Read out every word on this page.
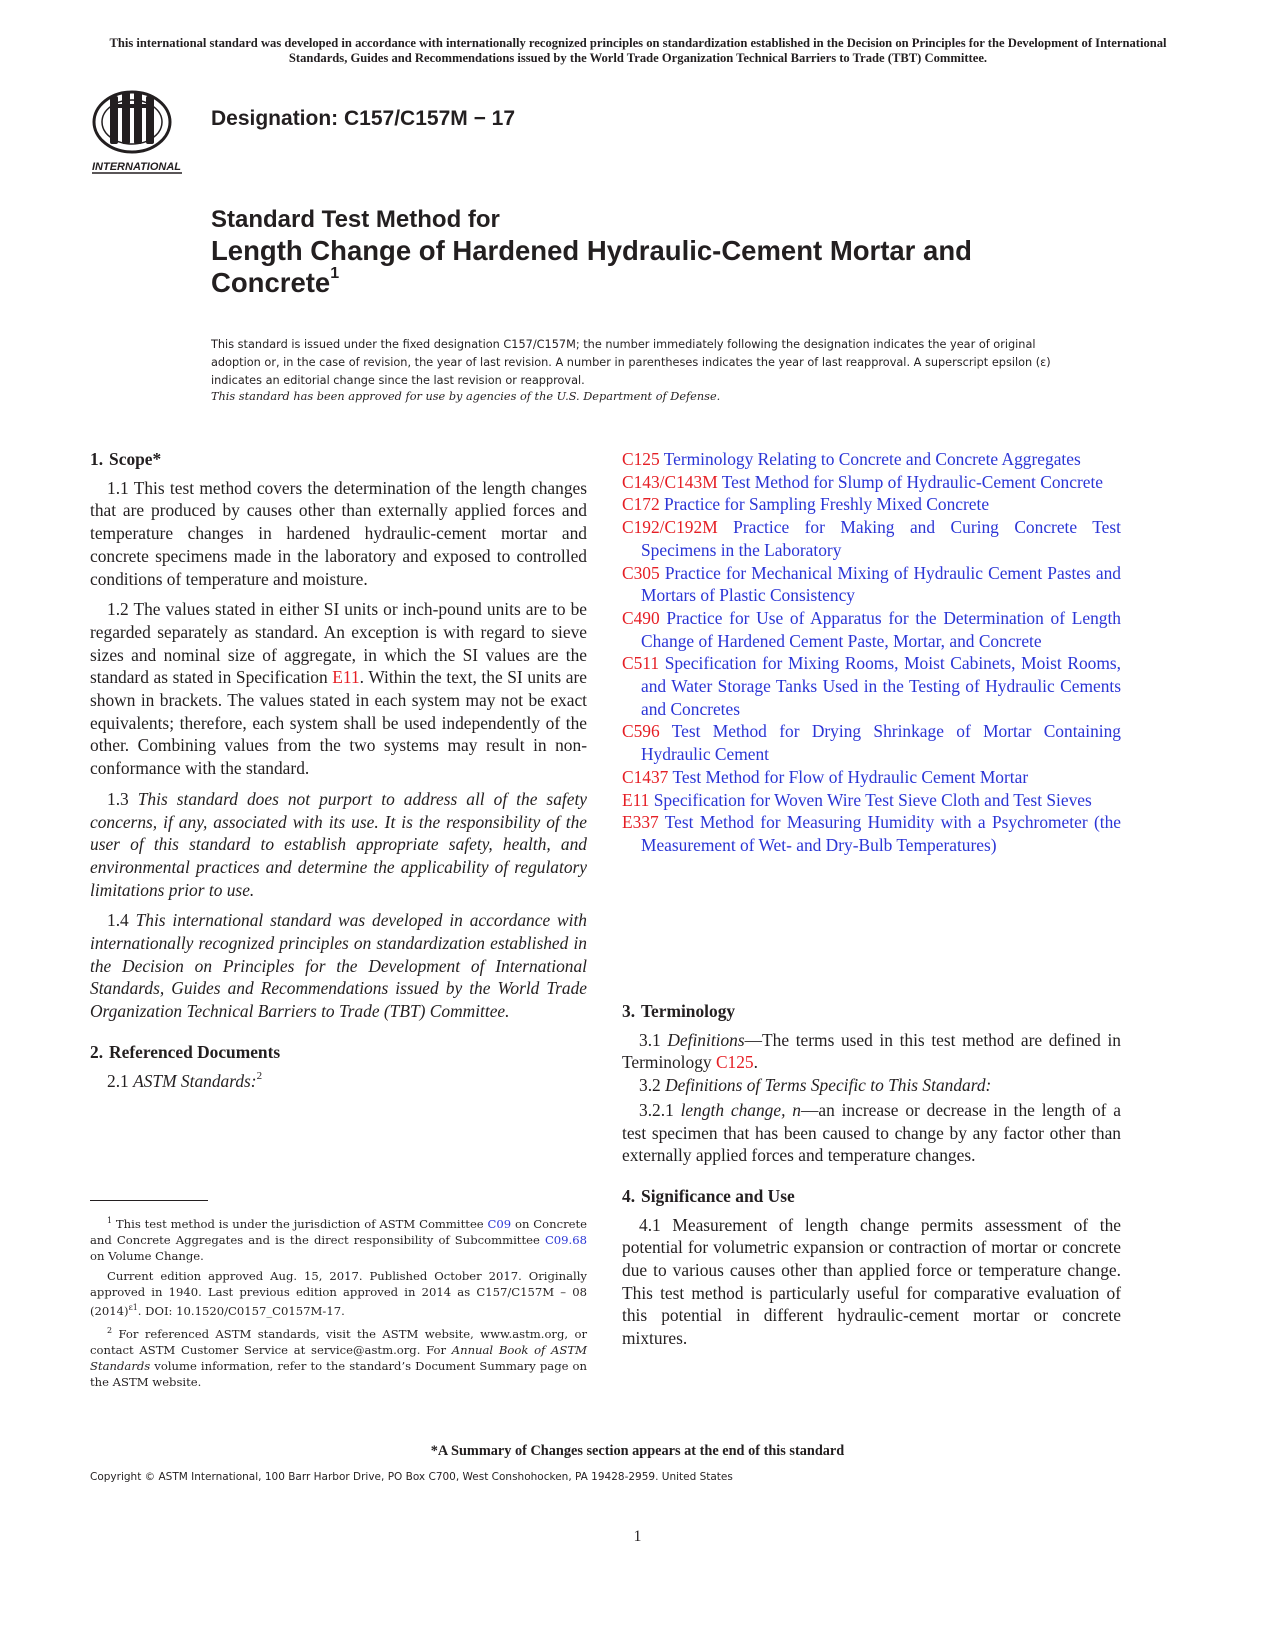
This international standard was developed in accordance with internationally recognized principles on standardization established in the Decision on Principles for the Development of International Standards, Guides and Recommendations issued by the World Trade Organization Technical Barriers to Trade (TBT) Committee.
INTERNATIONAL
Designation: C157/C157M − 17
Standard Test Method for
Length Change of Hardened Hydraulic-Cement Mortar and
Concrete$^1$
This standard is issued under the fixed designation C157/C157M; the number immediately following the designation indicates the year of original adoption or, in the case of revision, the year of last revision. A number in parentheses indicates the year of last reapproval. A superscript epsilon (ε) indicates an editorial change since the last revision or reapproval.
This standard has been approved for use by agencies of the U.S. Department of Defense.
1. Scope*

1.1 This test method covers the determination of the length changes that are produced by causes other than externally applied forces and temperature changes in hardened hydraulic-cement mortar and concrete specimens made in the laboratory and exposed to controlled conditions of temperature and moisture.

1.2 The values stated in either SI units or inch-pound units are to be regarded separately as standard. An exception is with regard to sieve sizes and nominal size of aggregate, in which the SI values are the standard as stated in Specification E11. Within the text, the SI units are shown in brackets. The values stated in each system may not be exact equivalents; therefore, each system shall be used independently of the other. Combining values from the two systems may result in non-conformance with the standard.

1.3 This standard does not purport to address all of the safety concerns, if any, associated with its use. It is the responsibility of the user of this standard to establish appropriate safety, health, and environmental practices and determine the applicability of regulatory limitations prior to use.

1.4 This international standard was developed in accordance with internationally recognized principles on standardization established in the Decision on Principles for the Development of International Standards, Guides and Recommendations issued by the World Trade Organization Technical Barriers to Trade (TBT) Committee.

2. Referenced Documents

2.1 ASTM Standards:$^2$

C125 Terminology Relating to Concrete and Concrete Aggregates

C143/C143M Test Method for Slump of Hydraulic-Cement Concrete

C172 Practice for Sampling Freshly Mixed Concrete

C192/C192M Practice for Making and Curing Concrete Test Specimens in the Laboratory

C305 Practice for Mechanical Mixing of Hydraulic Cement Pastes and Mortars of Plastic Consistency

C490 Practice for Use of Apparatus for the Determination of Length Change of Hardened Cement Paste, Mortar, and Concrete

C511 Specification for Mixing Rooms, Moist Cabinets, Moist Rooms, and Water Storage Tanks Used in the Testing of Hydraulic Cements and Concretes

C596 Test Method for Drying Shrinkage of Mortar Containing Hydraulic Cement

C1437 Test Method for Flow of Hydraulic Cement Mortar

E11 Specification for Woven Wire Test Sieve Cloth and Test Sieves

E337 Test Method for Measuring Humidity with a Psychrometer (the Measurement of Wet- and Dry-Bulb Temperatures)

3. Terminology

3.1 Definitions—The terms used in this test method are defined in Terminology C125.

3.2 Definitions of Terms Specific to This Standard:

3.2.1 length change, n—an increase or decrease in the length of a test specimen that has been caused to change by any factor other than externally applied forces and temperature changes.

4. Significance and Use

4.1 Measurement of length change permits assessment of the potential for volumetric expansion or contraction of mortar or concrete due to various causes other than applied force or temperature change. This test method is particularly useful for comparative evaluation of this potential in different hydraulic-cement mortar or concrete mixtures.

$^1$ This test method is under the jurisdiction of ASTM Committee C09 on Concrete and Concrete Aggregates and is the direct responsibility of Subcommittee C09.68 on Volume Change.

Current edition approved Aug. 15, 2017. Published October 2017. Originally approved in 1940. Last previous edition approved in 2014 as C157/C157M – 08 $(2014)^{\varepsilon 1}$. DOI: 10.1520/C0157_C0157M-17.

$^2$ For referenced ASTM standards, visit the ASTM website, www.astm.org, or contact ASTM Customer Service at service@astm.org. For Annual Book of ASTM Standards volume information, refer to the standard’s Document Summary page on the ASTM website.

*A Summary of Changes section appears at the end of this standard
Copyright © ASTM International, 100 Barr Harbor Drive, PO Box C700, West Conshohocken, PA 19428-2959. United States
1
